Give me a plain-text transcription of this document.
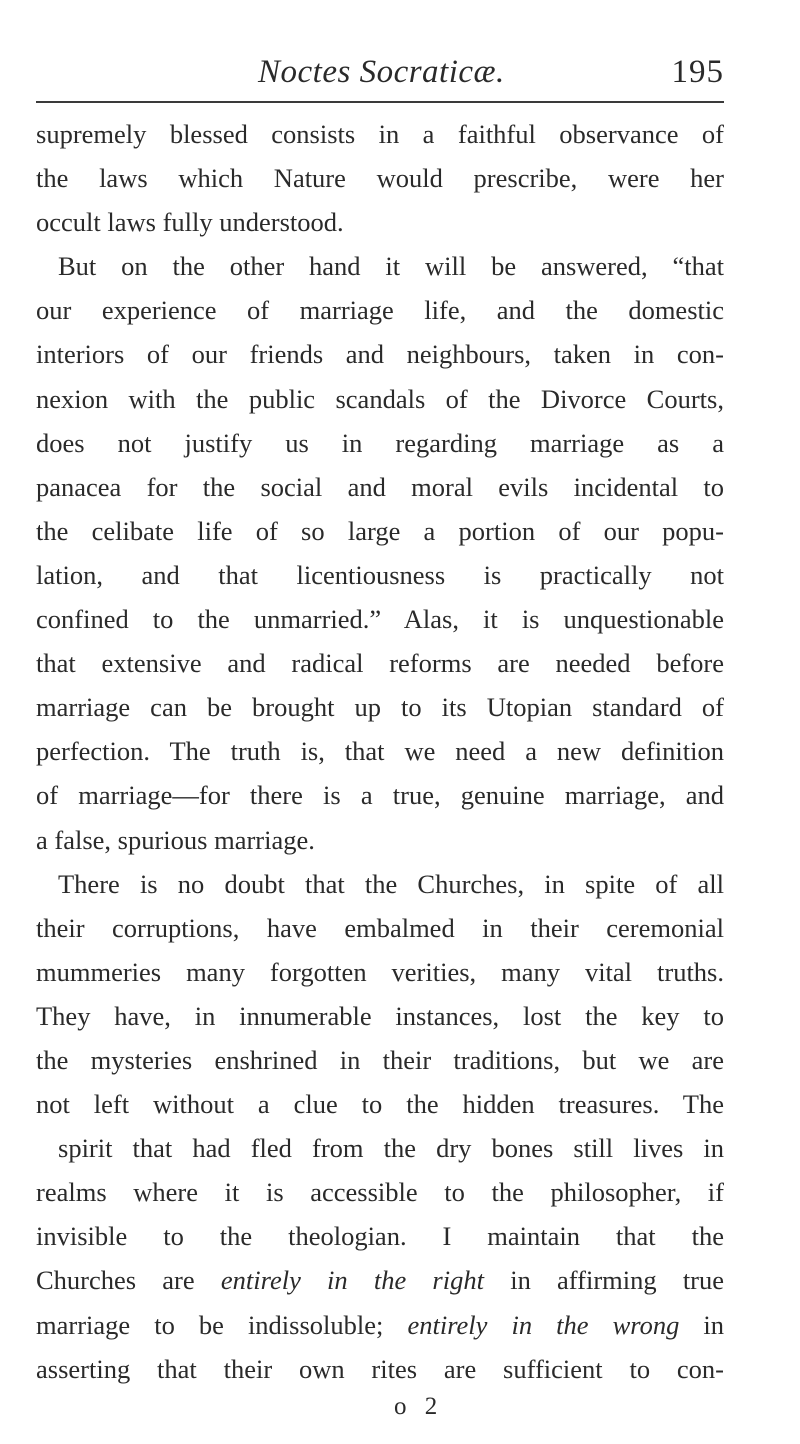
Noctes Socraticæ.	195
supremely blessed consists in a faithful observance of
the laws which Nature would prescribe, were her
occult laws fully understood.
But on the other hand it will be answered, “that
our experience of marriage life, and the domestic
interiors of our friends and neighbours, taken in con-
nexion with the public scandals of the Divorce Courts,
does not justify us in regarding marriage as a
panacea for the social and moral evils incidental to
the celibate life of so large a portion of our popu-
lation, and that licentiousness is practically not
confined to the unmarried.” Alas, it is unquestionable
that extensive and radical reforms are needed before
marriage can be brought up to its Utopian standard of
perfection. The truth is, that we need a new definition
of marriage—for there is a true, genuine marriage, and
a false, spurious marriage.
There is no doubt that the Churches, in spite of all
their corruptions, have embalmed in their ceremonial
mummeries many forgotten verities, many vital truths.
They have, in innumerable instances, lost the key to
the mysteries enshrined in their traditions, but we are
not left without a clue to the hidden treasures. The
spirit that had fled from the dry bones still lives in
realms where it is accessible to the philosopher, if
invisible to the theologian. I maintain that the
Churches are entirely in the right in affirming true
marriage to be indissoluble; entirely in the wrong in
asserting that their own rites are sufficient to con-
o 2
